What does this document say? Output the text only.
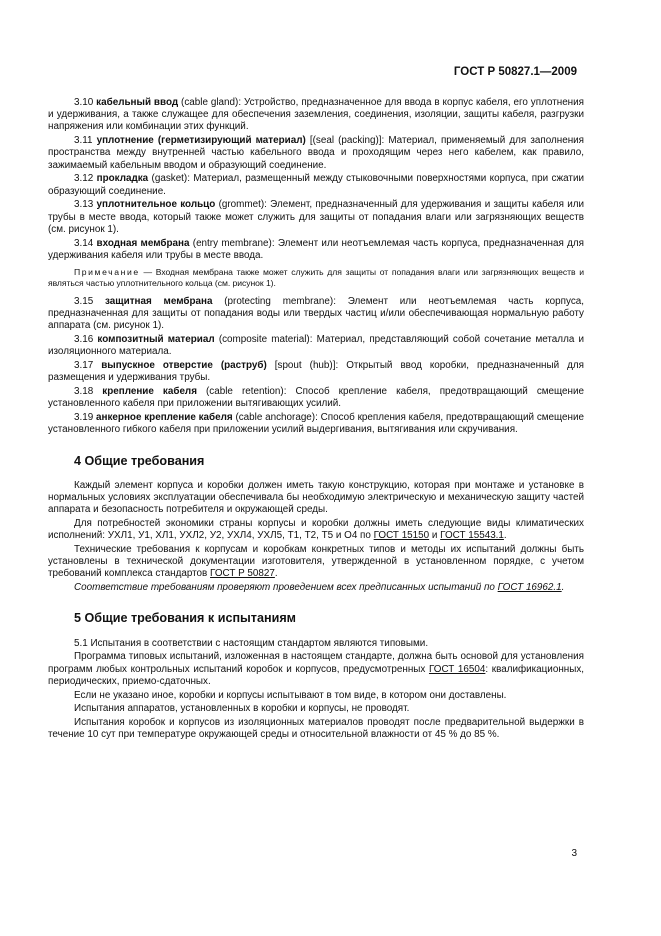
ГОСТ Р 50827.1—2009

3.10 кабельный ввод (cable gland): Устройство, предназначенное для ввода в корпус кабеля, его уплотнения и удерживания, а также служащее для обеспечения заземления, соединения, изоляции, защиты кабеля, разгрузки напряжения или комбинации этих функций.

3.11 уплотнение (герметизирующий материал) [(seal (packing)]: Материал, применяемый для заполнения пространства между внутренней частью кабельного ввода и проходящим через него кабелем, как правило, зажимаемый кабельным вводом и образующий соединение.

3.12 прокладка (gasket): Материал, размещенный между стыковочными поверхностями корпуса, при сжатии образующий соединение.

3.13 уплотнительное кольцо (grommet): Элемент, предназначенный для удерживания и защиты кабеля или трубы в месте ввода, который также может служить для защиты от попадания влаги или загрязняющих веществ (см. рисунок 1).

3.14 входная мембрана (entry membrane): Элемент или неотъемлемая часть корпуса, предназначенная для удерживания кабеля или трубы в месте ввода.

Примечание — Входная мембрана также может служить для защиты от попадания влаги или загрязняющих веществ и являться частью уплотнительного кольца (см. рисунок 1).

3.15 защитная мембрана (protecting membrane): Элемент или неотъемлемая часть корпуса, предназначенная для защиты от попадания воды или твердых частиц и/или обеспечивающая нормальную работу аппарата (см. рисунок 1).

3.16 композитный материал (composite material): Материал, представляющий собой сочетание металла и изоляционного материала.

3.17 выпускное отверстие (раструб) [spout (hub)]: Открытый ввод коробки, предназначенный для размещения и удерживания трубы.

3.18 крепление кабеля (cable retention): Способ крепление кабеля, предотвращающий смещение установленного кабеля при приложении вытягивающих усилий.

3.19 анкерное крепление кабеля (cable anchorage): Способ крепления кабеля, предотвращающий смещение установленного гибкого кабеля при приложении усилий выдергивания, вытягивания или скручивания.

4 Общие требования

Каждый элемент корпуса и коробки должен иметь такую конструкцию, которая при монтаже и установке в нормальных условиях эксплуатации обеспечивала бы необходимую электрическую и механическую защиту частей аппарата и безопасность потребителя и окружающей среды.

Для потребностей экономики страны корпусы и коробки должны иметь следующие виды климатических исполнений: УХЛ1, У1, ХЛ1, УХЛ2, У2, УХЛ4, УХЛ5, Т1, Т2, Т5 и О4 по ГОСТ 15150 и ГОСТ 15543.1.

Технические требования к корпусам и коробкам конкретных типов и методы их испытаний должны быть установлены в технической документации изготовителя, утвержденной в установленном порядке, с учетом требований комплекса стандартов ГОСТ Р 50827.

Соответствие требованиям проверяют проведением всех предписанных испытаний по ГОСТ 16962.1.

5 Общие требования к испытаниям

5.1 Испытания в соответствии с настоящим стандартом являются типовыми.

Программа типовых испытаний, изложенная в настоящем стандарте, должна быть основой для установления программ любых контрольных испытаний коробок и корпусов, предусмотренных ГОСТ 16504: квалификационных, периодических, приемо-сдаточных.

Если не указано иное, коробки и корпусы испытывают в том виде, в котором они доставлены.

Испытания аппаратов, установленных в коробки и корпусы, не проводят.

Испытания коробок и корпусов из изоляционных материалов проводят после предварительной выдержки в течение 10 сут при температуре окружающей среды и относительной влажности от 45 % до 85 %.

3
